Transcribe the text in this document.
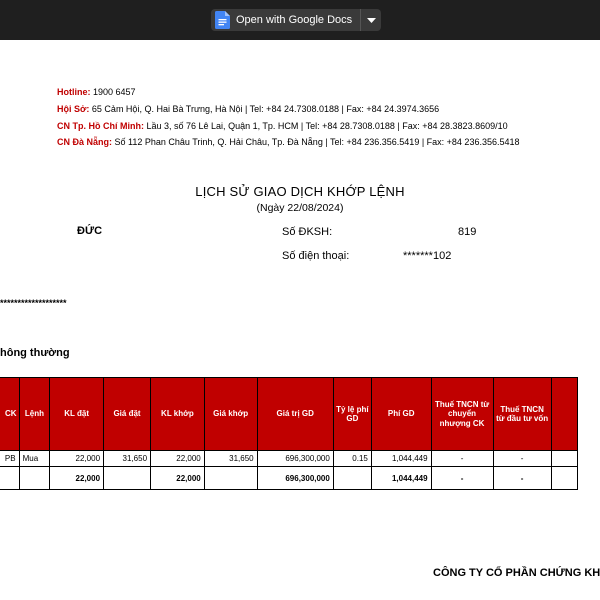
Open with Google Docs
Hotline: 1900 6457
Hội Sở: 65 Cảm Hội, Q. Hai Bà Trưng, Hà Nội | Tel: +84 24.7308.0188 | Fax: +84 24.3974.3656
CN Tp. Hồ Chí Minh: Lầu 3, số 76 Lê Lai, Quận 1, Tp. HCM | Tel: +84 28.7308.0188 | Fax: +84 28.3823.8609/10
CN Đà Nẵng: Số 112 Phan Châu Trinh, Q. Hải Châu, Tp. Đà Nẵng | Tel: +84 236.356.5419 | Fax: +84 236.356.5418
LỊCH SỬ GIAO DỊCH KHỚP LỆNH
(Ngày 22/08/2024)
ĐỨC	Số ĐKSH:	819
Số điện thoại:	*******102
*******************
hông thường
CK	Lệnh	KL đặt	Giá đặt	KL khớp	Giá khớp	Giá trị GD	Tỷ lệ phí GD	Phí GD	Thuế TNCN từ chuyển nhượng CK	Thuế TNCN từ đầu tư vốn	
PB	Mua	22,000	31,650	22,000	31,650	696,300,000	0.15	1,044,449	-	-	
		22,000		22,000		696,300,000		1,044,449	-	-	
CÔNG TY CỔ PHẦN CHỨNG KH
